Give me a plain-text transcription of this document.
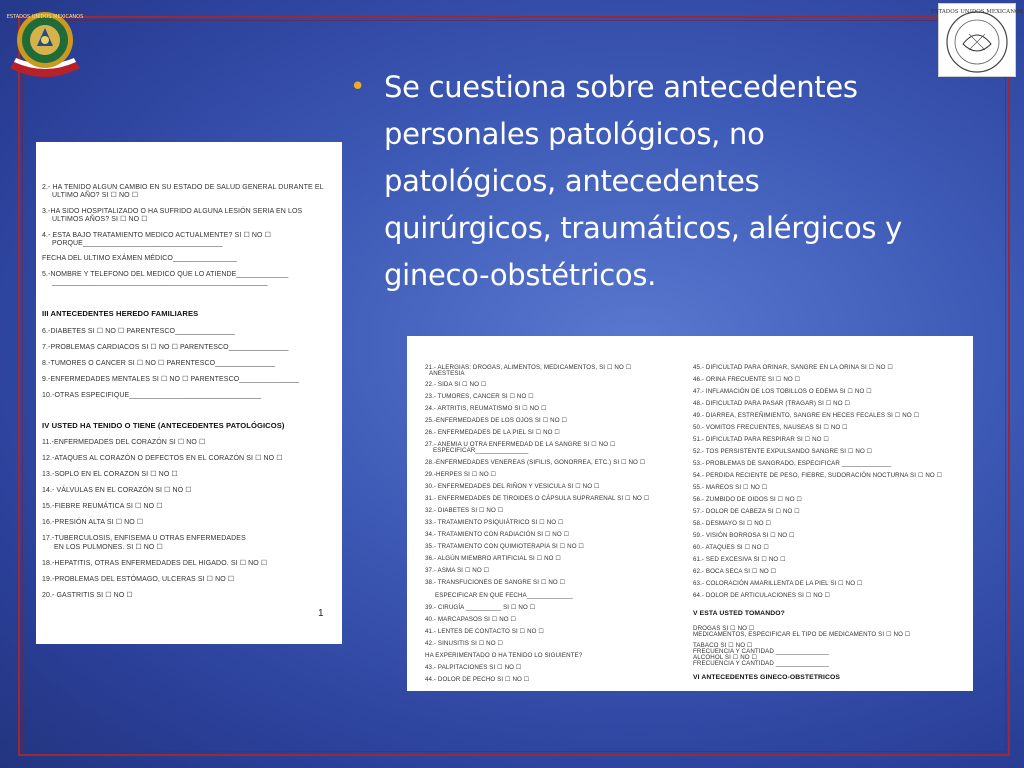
ESTADOS UNIDOS MEXICANOS
ESTADOS UNIDOS MEXICANOS
• Se cuestiona sobre antecedentes
personales patológicos, no
patológicos, antecedentes
quirúrgicos, traumáticos, alérgicos y
gineco-obstétricos.
2.- HA TENIDO ALGUN CAMBIO EN SU ESTADO DE SALUD GENERAL DURANTE EL
ULTIMO AÑO? SI ☐ NO ☐
3.-HA SIDO HOSPITALIZADO O HA SUFRIDO ALGUNA LESIÓN SERIA EN LOS
ULTIMOS AÑOS? SI ☐ NO ☐
4.- ESTA BAJO TRATAMIENTO MEDICO ACTUALMENTE? SI ☐ NO ☐
PORQUE___________________________________
FECHA DEL ULTIMO EXÁMEN MÉDICO________________
5.-NOMBRE Y TELEFONO DEL MEDICO QUE LO ATIENDE_____________
______________________________________________________
III ANTECEDENTES HEREDO FAMILIARES
6.-DIABETES SI ☐ NO ☐ PARENTESCO_______________
7.-PROBLEMAS CARDIACOS SI ☐ NO ☐ PARENTESCO_______________
8.-TUMORES O CANCER SI ☐ NO ☐ PARENTESCO_______________
9.-ENFERMEDADES MENTALES SI ☐ NO ☐ PARENTESCO_______________
10.-OTRAS ESPECIFIQUE_________________________________
IV USTED HA TENIDO O TIENE (ANTECEDENTES PATOLÓGICOS)
11.-ENFERMEDADES DEL CORAZÓN SI ☐ NO ☐
12.-ATAQUES AL CORAZÓN O DEFECTOS EN EL CORAZÓN SI ☐ NO ☐
13.-SOPLO EN EL CORAZON SI ☐ NO ☐
14.- VÁLVULAS EN EL CORAZÓN SI ☐ NO ☐
15.-FIEBRE REUMÁTICA SI ☐ NO ☐
16.-PRESIÓN ALTA SI ☐ NO ☐
17.-TUBERCULOSIS, ENFISEMA U OTRAS ENFERMEDADES
EN LOS PULMONES. SI ☐ NO ☐
18.-HEPATITIS, OTRAS ENFERMEDADES DEL HIGADO. SI ☐ NO ☐
19.-PROBLEMAS DEL ESTÓMAGO, ULCERAS SI ☐ NO ☐
20.- GASTRITIS SI ☐ NO ☐
1
21.- ALERGIAS: DROGAS, ALIMENTOS, MEDICAMENTOS, SI ☐ NO ☐
ANESTESIA
22.- SIDA SI ☐ NO ☐
23.- TUMORES, CANCER SI ☐ NO ☐
24.- ARTRITIS, REUMATISMO SI ☐ NO ☐
25.-ENFERMEDADES DE LOS OJOS SI ☐ NO ☐
26.- ENFERMEDADES DE LA PIEL SI ☐ NO ☐
27.- ANEMIA U OTRA ENFERMEDAD DE LA SANGRE SI ☐ NO ☐
ESPECIFICAR_______________
28.-ENFERMEDADES VENEREAS (SIFILIS, GONORREA, ETC.) SI ☐ NO ☐
29.-HERPES SI ☐ NO ☐
30.- ENFERMEDADES DEL RIÑON Y VESICULA SI ☐ NO ☐
31.- ENFERMEDADES DE TIROIDES O CÁPSULA SUPRARENAL SI ☐ NO ☐
32.- DIABETES SI ☐ NO ☐
33.- TRATAMIENTO PSIQUIÁTRICO SI ☐ NO ☐
34.- TRATAMIENTO CON RADIACIÓN SI ☐ NO ☐
35.- TRATAMIENTO CON QUIMIOTERAPIA SI ☐ NO ☐
36.- ALGÚN MIEMBRO ARTIFICIAL SI ☐ NO ☐
37.- ASMA SI ☐ NO ☐
38.- TRANSFUCIONES DE SANGRE SI ☐ NO ☐
ESPECIFICAR EN QUE FECHA_____________
39.- CIRUGÍA __________ SI ☐ NO ☐
40.- MARCAPASOS SI ☐ NO ☐
41.- LENTES DE CONTACTO SI ☐ NO ☐
42.- SINUSITIS SI ☐ NO ☐
HA EXPERIMENTADO O HA TENIDO LO SIGUIENTE?
43.- PALPITACIONES SI ☐ NO ☐
44.- DOLOR DE PECHO SI ☐ NO ☐
45.- DIFICULTAD PARA ORINAR, SANGRE EN LA ORINA SI ☐ NO ☐
46.- ORINA FRECUENTE SI ☐ NO ☐
47.- INFLAMACIÓN DE LOS TOBILLOS O EDEMA SI ☐ NO ☐
48.- DIFICULTAD PARA PASAR (TRAGAR) SI ☐ NO ☐
49.- DIARREA, ESTREÑIMIENTO, SANGRE EN HECES FECALES SI ☐ NO ☐
50.- VOMITOS FRECUENTES, NAUSEAS SI ☐ NO ☐
51.- DIFICULTAD PARA RESPIRAR SI ☐ NO ☐
52.- TOS PERSISTENTE EXPULSANDO SANGRE SI ☐ NO ☐
53.- PROBLEMAS DE SANGRADO, ESPECIFICAR ______________
54.- PERDIDA RECIENTE DE PESO, FIEBRE, SUDORACIÓN NOCTURNA SI ☐ NO ☐
55.- MAREOS SI ☐ NO ☐
56.- ZUMBIDO DE OIDOS SI ☐ NO ☐
57.- DOLOR DE CABEZA SI ☐ NO ☐
58.- DESMAYO SI ☐ NO ☐
59.- VISIÓN BORROSA SI ☐ NO ☐
60.- ATAQUES SI ☐ NO ☐
61.- SED EXCESIVA SI ☐ NO ☐
62.- BOCA SECA SI ☐ NO ☐
63.- COLORACIÓN AMARILLENTA DE LA PIEL SI ☐ NO ☐
64.- DOLOR DE ARTICULACIONES SI ☐ NO ☐
V ESTA USTED TOMANDO?
DROGAS SI ☐ NO ☐
MEDICAMENTOS, ESPECIFICAR EL TIPO DE MEDICAMENTO SI ☐ NO ☐
TABACO SI ☐ NO ☐
FRECUENCIA Y CANTIDAD _______________
ALCOHOL SI ☐ NO ☐
FRECUENCIA Y CANTIDAD _______________
VI ANTECEDENTES GINECO-OBSTETRICOS
